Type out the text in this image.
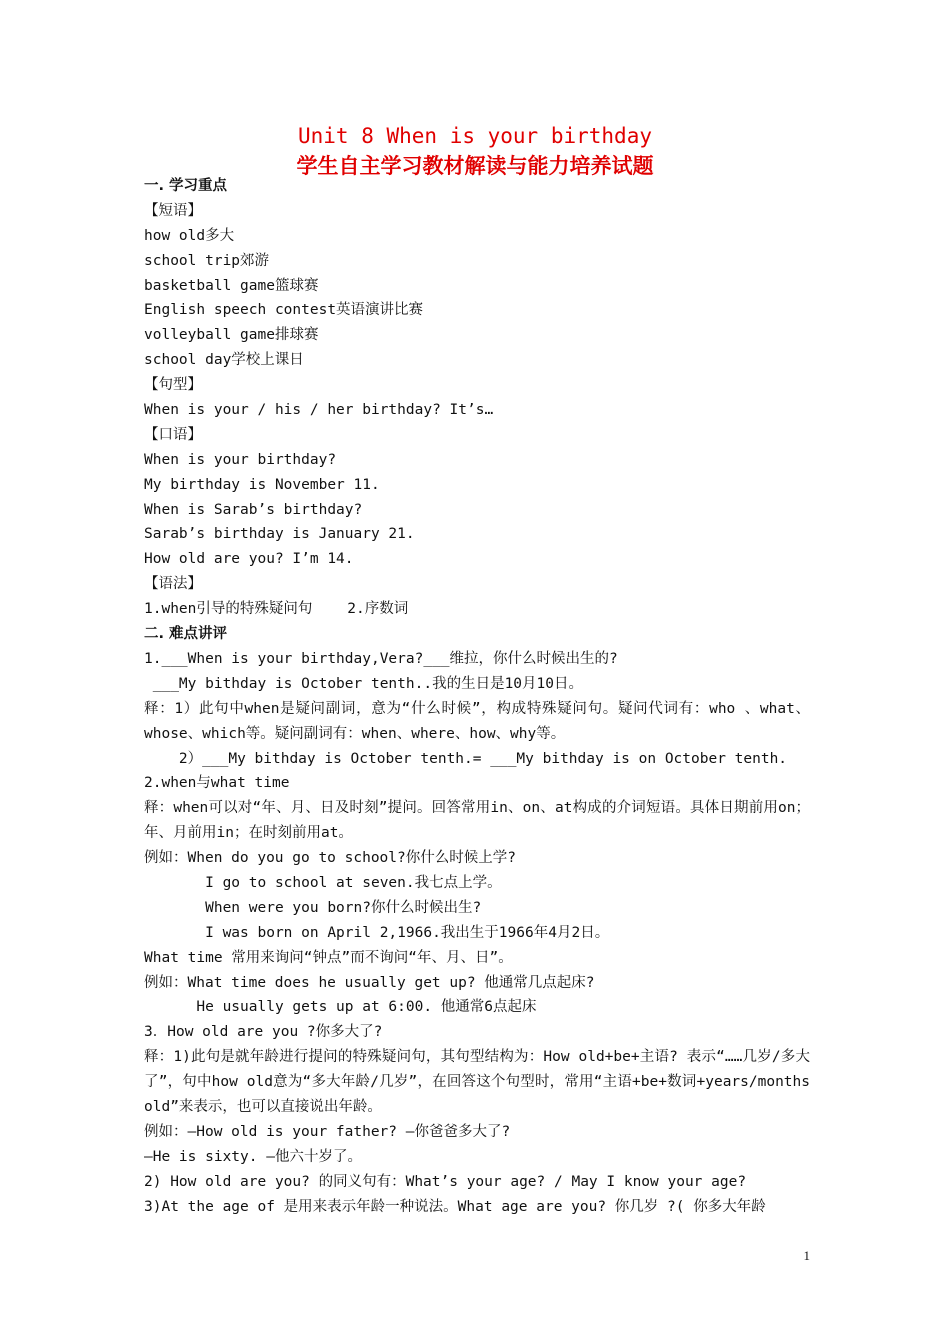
Unit 8 When is your birthday
学生自主学习教材解读与能力培养试题
一. 学习重点
【短语】
how old多大
school trip郊游
basketball game篮球赛
English speech contest英语演讲比赛
volleyball game排球赛
school day学校上课日
【句型】
When is your / his / her birthday? It’s…
【口语】
When is your birthday?
My birthday is November 11.
When is Sarab’s birthday?
Sarab’s birthday is January 21.
How old are you? I’m 14.
【语法】
1.when引导的特殊疑问句    2.序数词
二. 难点讲评
1.___When is your birthday,Vera?___维拉，你什么时候出生的?
___My bithday is October tenth..我的生日是10月10日。
释：1）此句中when是疑问副词，意为“什么时候”，构成特殊疑问句。疑问代词有：who 、what、whose、which等。疑问副词有：when、where、how、why等。
2）___My bithday is October tenth.= ___My bithday is on October tenth.
2.when与what time
释：when可以对“年、月、日及时刻”提问。回答常用in、on、at构成的介词短语。具体日期前用on；年、月前用in；在时刻前用at。
例如：When do you go to school?你什么时候上学?
I go to school at seven.我七点上学。
When were you born?你什么时候出生?
I was born on April 2,1966.我出生于1966年4月2日。
What time 常用来询问“钟点”而不询问“年、月、日”。
例如：What time does he usually get up? 他通常几点起床?
He usually gets up at 6:00. 他通常6点起床
3．How old are you ?你多大了?
释：1)此句是就年龄进行提问的特殊疑问句，其句型结构为：How old+be+主语? 表示“……几岁/多大了”，句中how old意为“多大年龄/几岁”，在回答这个句型时，常用“主语+be+数词+years/months old”来表示，也可以直接说出年龄。
例如：—How old is your father? —你爸爸多大了?
—He is sixty. —他六十岁了。
2) How old are you? 的同义句有：What’s your age? / May I know your age?
3)At the age of 是用来表示年龄一种说法。What age are you? 你几岁 ?( 你多大年龄
1
